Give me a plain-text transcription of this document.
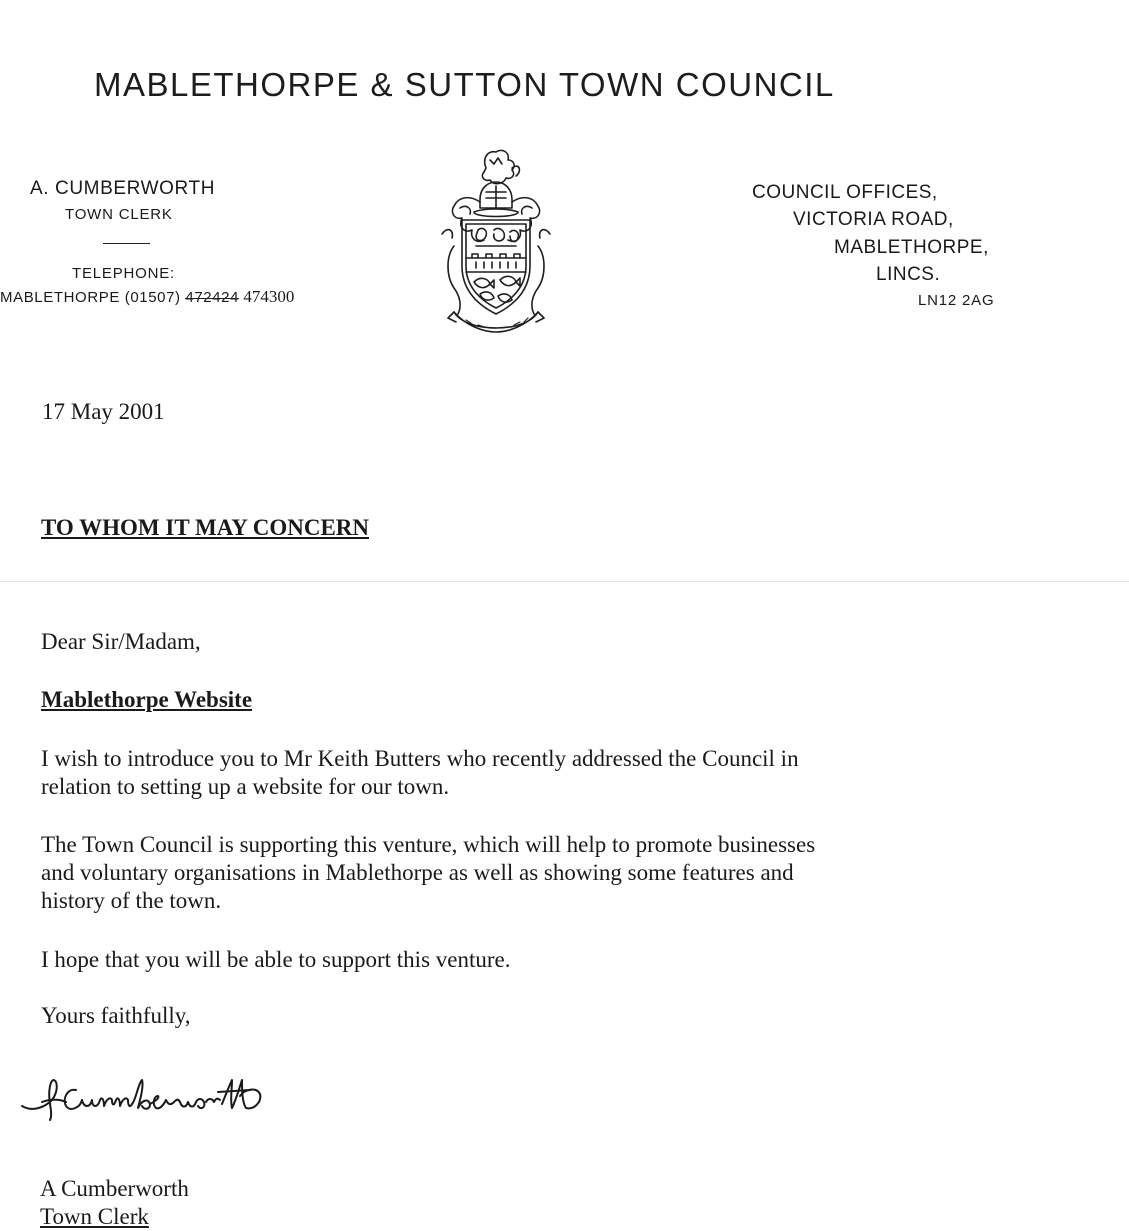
MABLETHORPE & SUTTON TOWN COUNCIL
A. CUMBERWORTH
TOWN CLERK
TELEPHONE:
MABLETHORPE (01507) 472424 474300
COUNCIL OFFICES,
VICTORIA ROAD,
MABLETHORPE,
LINCS.
LN12 2AG
17 May 2001
TO WHOM IT MAY CONCERN
Dear Sir/Madam,
Mablethorpe Website
I wish to introduce you to Mr Keith Butters who recently addressed the Council in
relation to setting up a website for our town.
The Town Council is supporting this venture, which will help to promote businesses
and voluntary organisations in Mablethorpe as well as showing some features and
history of the town.
I hope that you will be able to support this venture.
Yours faithfully,
A Cumberworth
Town Clerk
